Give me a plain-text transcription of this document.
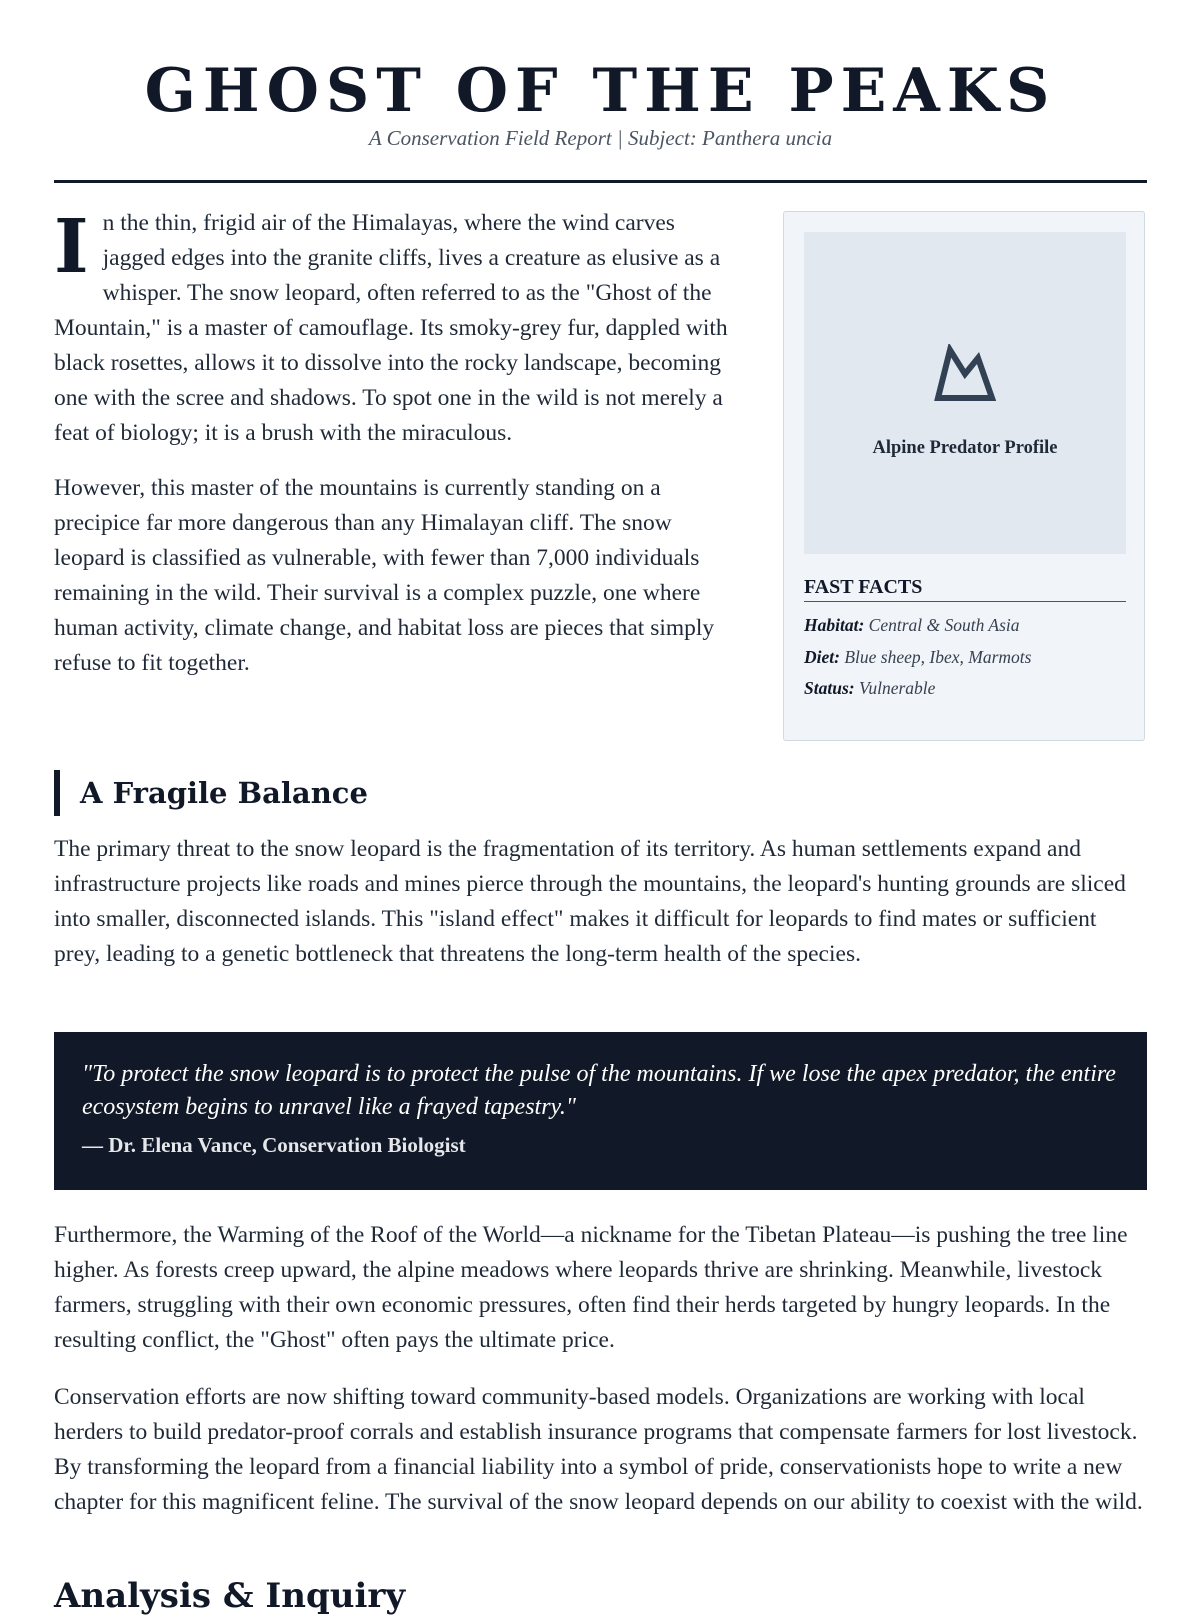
GHOST OF THE PEAKS
A Conservation Field Report | Subject: Panthera uncia

I n the thin, frigid air of the Himalayas, where the wind carves jagged edges into the granite cliffs, lives a creature as elusive as a whisper. The snow leopard, often referred to as the "Ghost of the Mountain," is a master of camouflage. Its smoky-grey fur, dappled with black rosettes, allows it to dissolve into the rocky landscape, becoming one with the scree and shadows. To spot one in the wild is not merely a feat of biology; it is a brush with the miraculous.

However, this master of the mountains is currently standing on a precipice far more dangerous than any Himalayan cliff. The snow leopard is classified as vulnerable, with fewer than 7,000 individuals remaining in the wild. Their survival is a complex puzzle, one where human activity, climate change, and habitat loss are pieces that simply refuse to fit together.

Alpine Predator Profile
FAST FACTS
Habitat: Central & South Asia
Diet: Blue sheep, Ibex, Marmots
Status: Vulnerable
A Fragile Balance

The primary threat to the snow leopard is the fragmentation of its territory. As human settlements expand and infrastructure projects like roads and mines pierce through the mountains, the leopard's hunting grounds are sliced into smaller, disconnected islands. This "island effect" makes it difficult for leopards to find mates or sufficient prey, leading to a genetic bottleneck that threatens the long-term health of the species.

"To protect the snow leopard is to protect the pulse of the mountains. If we lose the apex predator, the entire ecosystem begins to unravel like a frayed tapestry."
— Dr. Elena Vance, Conservation Biologist

Furthermore, the Warming of the Roof of the World—a nickname for the Tibetan Plateau—is pushing the tree line higher. As forests creep upward, the alpine meadows where leopards thrive are shrinking. Meanwhile, livestock farmers, struggling with their own economic pressures, often find their herds targeted by hungry leopards. In the resulting conflict, the "Ghost" often pays the ultimate price.

Conservation efforts are now shifting toward community-based models. Organizations are working with local herders to build predator-proof corrals and establish insurance programs that compensate farmers for lost livestock. By transforming the leopard from a financial liability into a symbol of pride, conservationists hope to write a new chapter for this magnificent feline. The survival of the snow leopard depends on our ability to coexist with the wild.

Analysis & Inquiry
